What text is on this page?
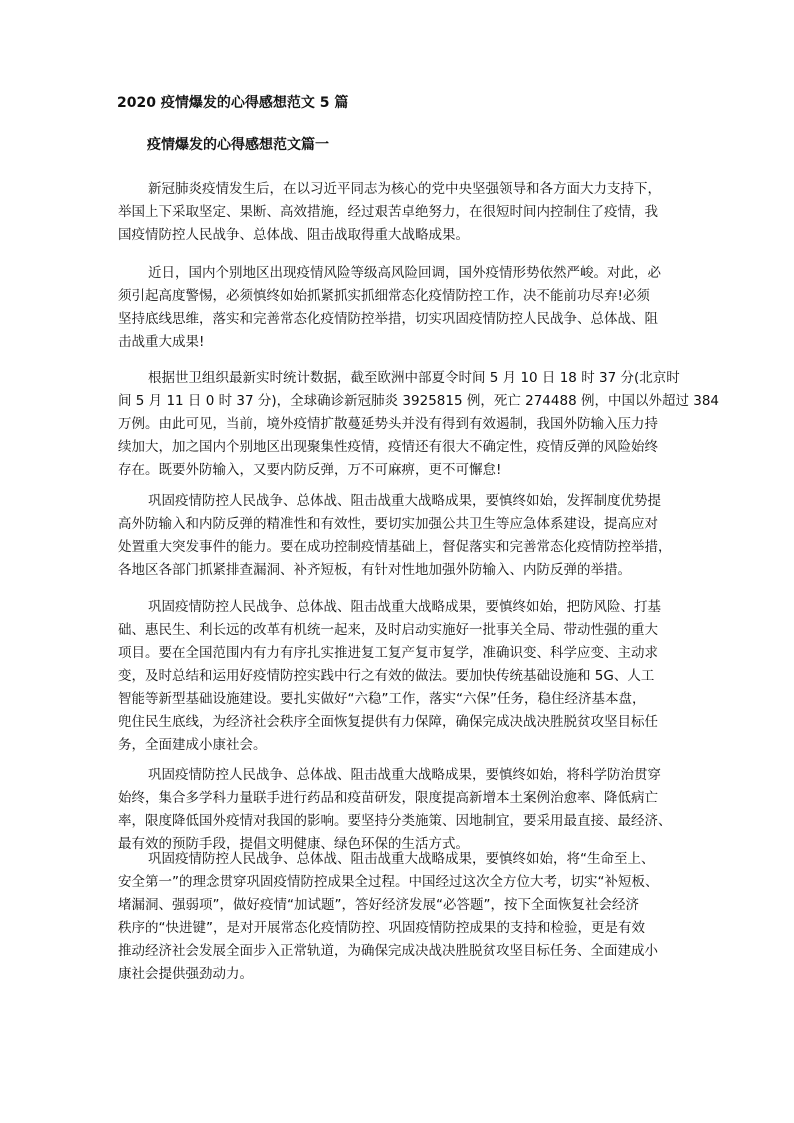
2020 疫情爆发的心得感想范文 5 篇
疫情爆发的心得感想范文篇一
新冠肺炎疫情发生后，在以习近平同志为核心的党中央坚强领导和各方面大力支持下，
举国上下采取坚定、果断、高效措施，经过艰苦卓绝努力，在很短时间内控制住了疫情，我
国疫情防控人民战争、总体战、阻击战取得重大战略成果。
近日，国内个别地区出现疫情风险等级高风险回调，国外疫情形势依然严峻。对此，必
须引起高度警惕，必须慎终如始抓紧抓实抓细常态化疫情防控工作，决不能前功尽弃!必须
坚持底线思维，落实和完善常态化疫情防控举措，切实巩固疫情防控人民战争、总体战、阻
击战重大成果!
根据世卫组织最新实时统计数据，截至欧洲中部夏令时间 5 月 10 日 18 时 37 分(北京时
间 5 月 11 日 0 时 37 分)，全球确诊新冠肺炎 3925815 例，死亡 274488 例，中国以外超过 384
万例。由此可见，当前，境外疫情扩散蔓延势头并没有得到有效遏制，我国外防输入压力持
续加大，加之国内个别地区出现聚集性疫情，疫情还有很大不确定性，疫情反弹的风险始终
存在。既要外防输入，又要内防反弹，万不可麻痹，更不可懈怠!
巩固疫情防控人民战争、总体战、阻击战重大战略成果，要慎终如始，发挥制度优势提
高外防输入和内防反弹的精准性和有效性，要切实加强公共卫生等应急体系建设，提高应对
处置重大突发事件的能力。要在成功控制疫情基础上，督促落实和完善常态化疫情防控举措，
各地区各部门抓紧排查漏洞、补齐短板，有针对性地加强外防输入、内防反弹的举措。
巩固疫情防控人民战争、总体战、阻击战重大战略成果，要慎终如始，把防风险、打基
础、惠民生、利长远的改革有机统一起来，及时启动实施好一批事关全局、带动性强的重大
项目。要在全国范围内有力有序扎实推进复工复产复市复学，准确识变、科学应变、主动求
变，及时总结和运用好疫情防控实践中行之有效的做法。要加快传统基础设施和 5G、人工
智能等新型基础设施建设。要扎实做好“六稳”工作，落实“六保”任务，稳住经济基本盘，
兜住民生底线，为经济社会秩序全面恢复提供有力保障，确保完成决战决胜脱贫攻坚目标任
务，全面建成小康社会。
巩固疫情防控人民战争、总体战、阻击战重大战略成果，要慎终如始，将科学防治贯穿
始终，集合多学科力量联手进行药品和疫苗研发，限度提高新增本土案例治愈率、降低病亡
率，限度降低国外疫情对我国的影响。要坚持分类施策、因地制宜，要采用最直接、最经济、
最有效的预防手段，提倡文明健康、绿色环保的生活方式。
巩固疫情防控人民战争、总体战、阻击战重大战略成果，要慎终如始，将“生命至上、
安全第一”的理念贯穿巩固疫情防控成果全过程。中国经过这次全方位大考，切实“补短板、
堵漏洞、强弱项”，做好疫情“加试题”，答好经济发展“必答题”，按下全面恢复社会经济
秩序的“快进键”，是对开展常态化疫情防控、巩固疫情防控成果的支持和检验，更是有效
推动经济社会发展全面步入正常轨道，为确保完成决战决胜脱贫攻坚目标任务、全面建成小
康社会提供强劲动力。
